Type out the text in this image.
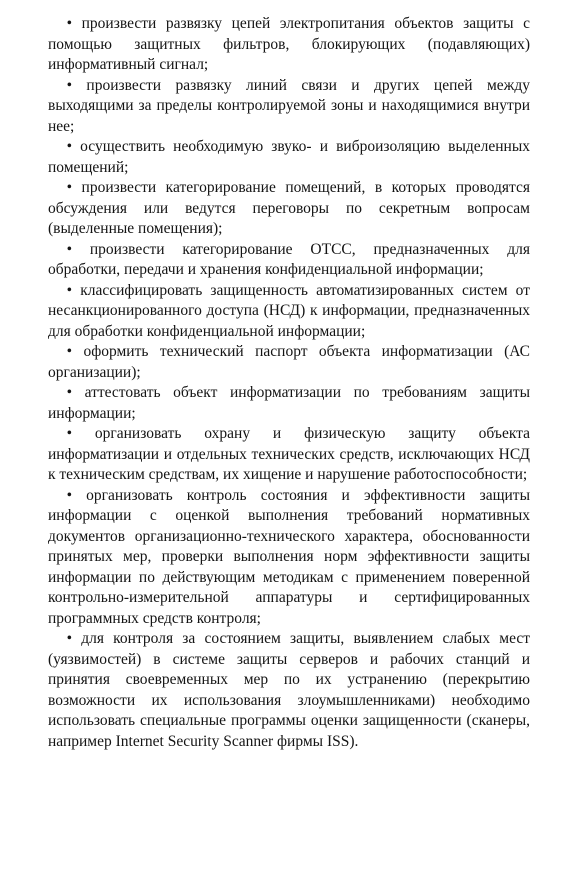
• произвести развязку цепей электропитания объектов защиты с помощью защитных фильтров, блокирующих (подавляющих) информативный сигнал;

• произвести развязку линий связи и других цепей между выходящими за пределы контролируемой зоны и находящимися внутри нее;

• осуществить необходимую звуко- и виброизоляцию выделенных помещений;

• произвести категорирование помещений, в которых проводятся обсуждения или ведутся переговоры по секретным вопросам (выделенные помещения);

• произвести категорирование ОТСС, предназначенных для обработки, передачи и хранения конфиденциальной информации;

• классифицировать защищенность автоматизированных систем от несанкционированного доступа (НСД) к информации, предназначенных для обработки конфиденциальной информации;

• оформить технический паспорт объекта информатизации (АС организации);

• аттестовать объект информатизации по требованиям защиты информации;

• организовать охрану и физическую защиту объекта информатизации и отдельных технических средств, исключающих НСД к техническим средствам, их хищение и нарушение работоспособности;

• организовать контроль состояния и эффективности защиты информации с оценкой выполнения требований нормативных документов организационно-технического характера, обоснованности принятых мер, проверки выполнения норм эффективности защиты информации по действующим методикам с применением поверенной контрольно-измерительной аппаратуры и сертифицированных программных средств контроля;

• для контроля за состоянием защиты, выявлением слабых мест (уязвимостей) в системе защиты серверов и рабочих станций и принятия своевременных мер по их устранению (перекрытию возможности их использования злоумышленниками) необходимо использовать специальные программы оценки защищенности (сканеры, например Internet Security Scanner фирмы ISS).
